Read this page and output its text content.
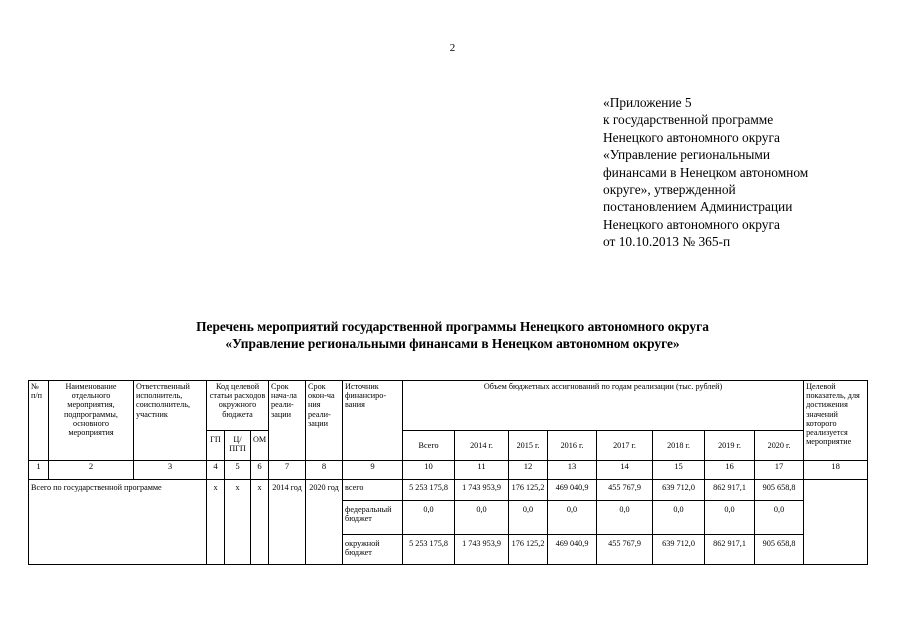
2
«Приложение 5
к государственной программе
Ненецкого автономного округа
«Управление региональными
финансами в Ненецком автономном
округе», утвержденной
постановлением Администрации
Ненецкого автономного округа
от 10.10.2013 № 365-п
Перечень мероприятий государственной программы Ненецкого автономного округа
«Управление региональными финансами в Ненецком автономном округе»
№ п/п	Наименование отдельного мероприятия, подпрограммы, основного мероприятия	Ответственный исполнитель, соисполнитель, участник	Код целевой статьи расходов окружного бюджета			Срок нача-ла реали-зации	Срок окон-ча ния реали-зации	Источник финансиро-вания	Объем бюджетных ассигнований по годам реализации (тыс. рублей)								Целевой показатель, для достижения значений которого реализуется мероприятие
			ГП	Ц/ПГП	ОМ				Всего	2014 г.	2015 г.	2016 г.	2017 г.	2018 г.	2019 г.	2020 г.	
1	2	3	4	5	6	7	8	9	10	11	12	13	14	15	16	17	18
Всего по государственной программе			х	х	х	2014 год	2020 год	всего	5 253 175,8	1 743 953,9	176 125,2	469 040,9	455 767,9	639 712,0	862 917,1	905 658,8	
								федеральный бюджет	0,0	0,0	0,0	0,0	0,0	0,0	0,0	0,0	
								окружной бюджет	5 253 175,8	1 743 953,9	176 125,2	469 040,9	455 767,9	639 712,0	862 917,1	905 658,8	
